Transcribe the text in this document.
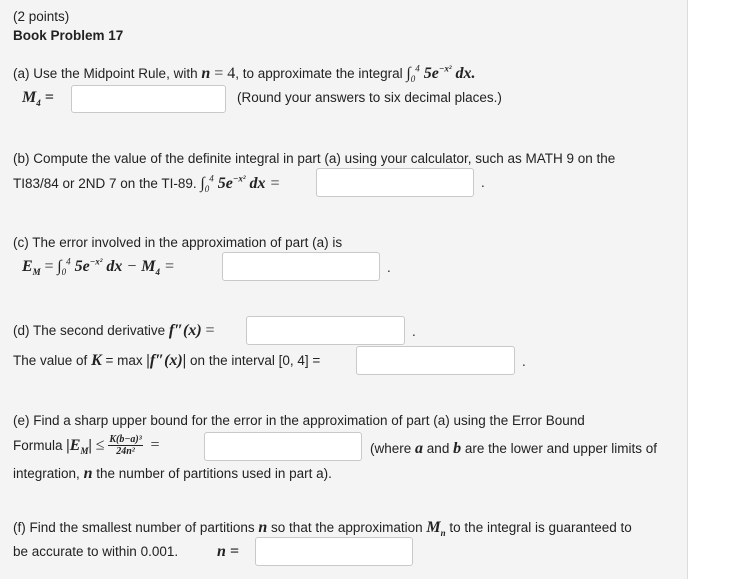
(2 points)
Book Problem 17
(a) Use the Midpoint Rule, with n = 4, to approximate the integral $\int_0^4$ $5e^{-x^2}$ dx.
$M_4$ =	(Round your answers to six decimal places.)
(b) Compute the value of the definite integral in part (a) using your calculator, such as MATH 9 on the
TI83/84 or 2ND 7 on the TI-89. $\int_0^4$ $5e^{-x^2}$ dx =	.
(c) The error involved in the approximation of part (a) is
$E_M = \int_0^4$ $5e^{-x^2}$ dx − $M_4$ =	.
(d) The second derivative f″(x) =	.
The value of K = max |f″(x)| on the interval [0, 4] =	.
(e) Find a sharp upper bound for the error in the approximation of part (a) using the Error Bound
Formula $|E_M| \le \frac{\text{K(b−a)³}}{\text{24n²}}$ =	(where a and b are the lower and upper limits of
integration, n the number of partitions used in part a).
(f) Find the smallest number of partitions n so that the approximation $M_n$ to the integral is guaranteed to
be accurate to within 0.001. n =
